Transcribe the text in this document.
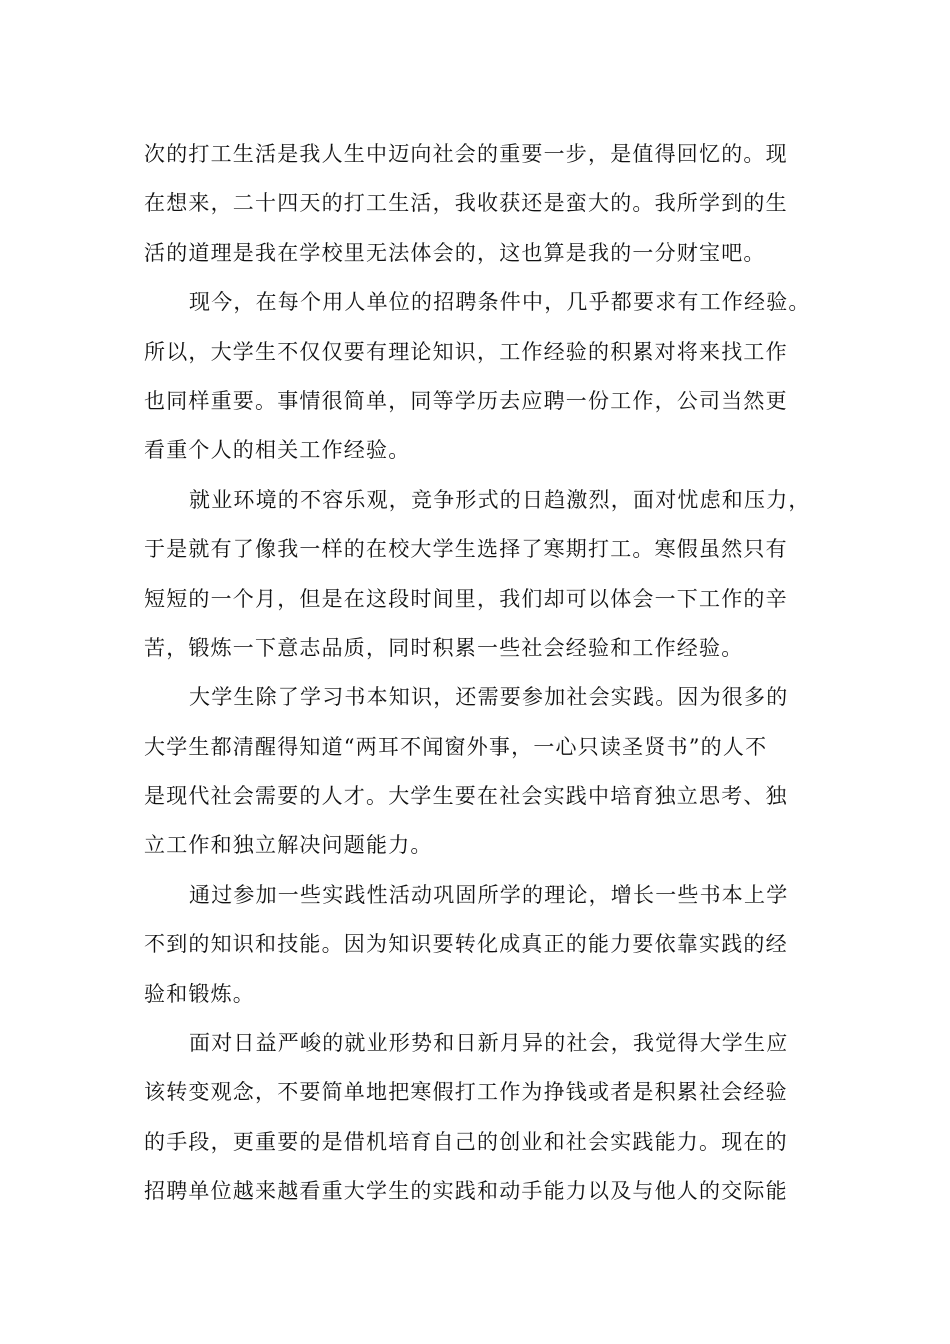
次的打工生活是我人生中迈向社会的重要一步，是值得回忆的。现
在想来，二十四天的打工生活，我收获还是蛮大的。我所学到的生
活的道理是我在学校里无法体会的，这也算是我的一分财宝吧。
现今，在每个用人单位的招聘条件中，几乎都要求有工作经验。
所以，大学生不仅仅要有理论知识，工作经验的积累对将来找工作
也同样重要。事情很简单，同等学历去应聘一份工作，公司当然更
看重个人的相关工作经验。
就业环境的不容乐观，竞争形式的日趋激烈，面对忧虑和压力，
于是就有了像我一样的在校大学生选择了寒期打工。寒假虽然只有
短短的一个月，但是在这段时间里，我们却可以体会一下工作的辛
苦，锻炼一下意志品质，同时积累一些社会经验和工作经验。
大学生除了学习书本知识，还需要参加社会实践。因为很多的
大学生都清醒得知道“两耳不闻窗外事，一心只读圣贤书”的人不
是现代社会需要的人才。大学生要在社会实践中培育独立思考、独
立工作和独立解决问题能力。
通过参加一些实践性活动巩固所学的理论，增长一些书本上学
不到的知识和技能。因为知识要转化成真正的能力要依靠实践的经
验和锻炼。
面对日益严峻的就业形势和日新月异的社会，我觉得大学生应
该转变观念，不要简单地把寒假打工作为挣钱或者是积累社会经验
的手段，更重要的是借机培育自己的创业和社会实践能力。现在的
招聘单位越来越看重大学生的实践和动手能力以及与他人的交际能
